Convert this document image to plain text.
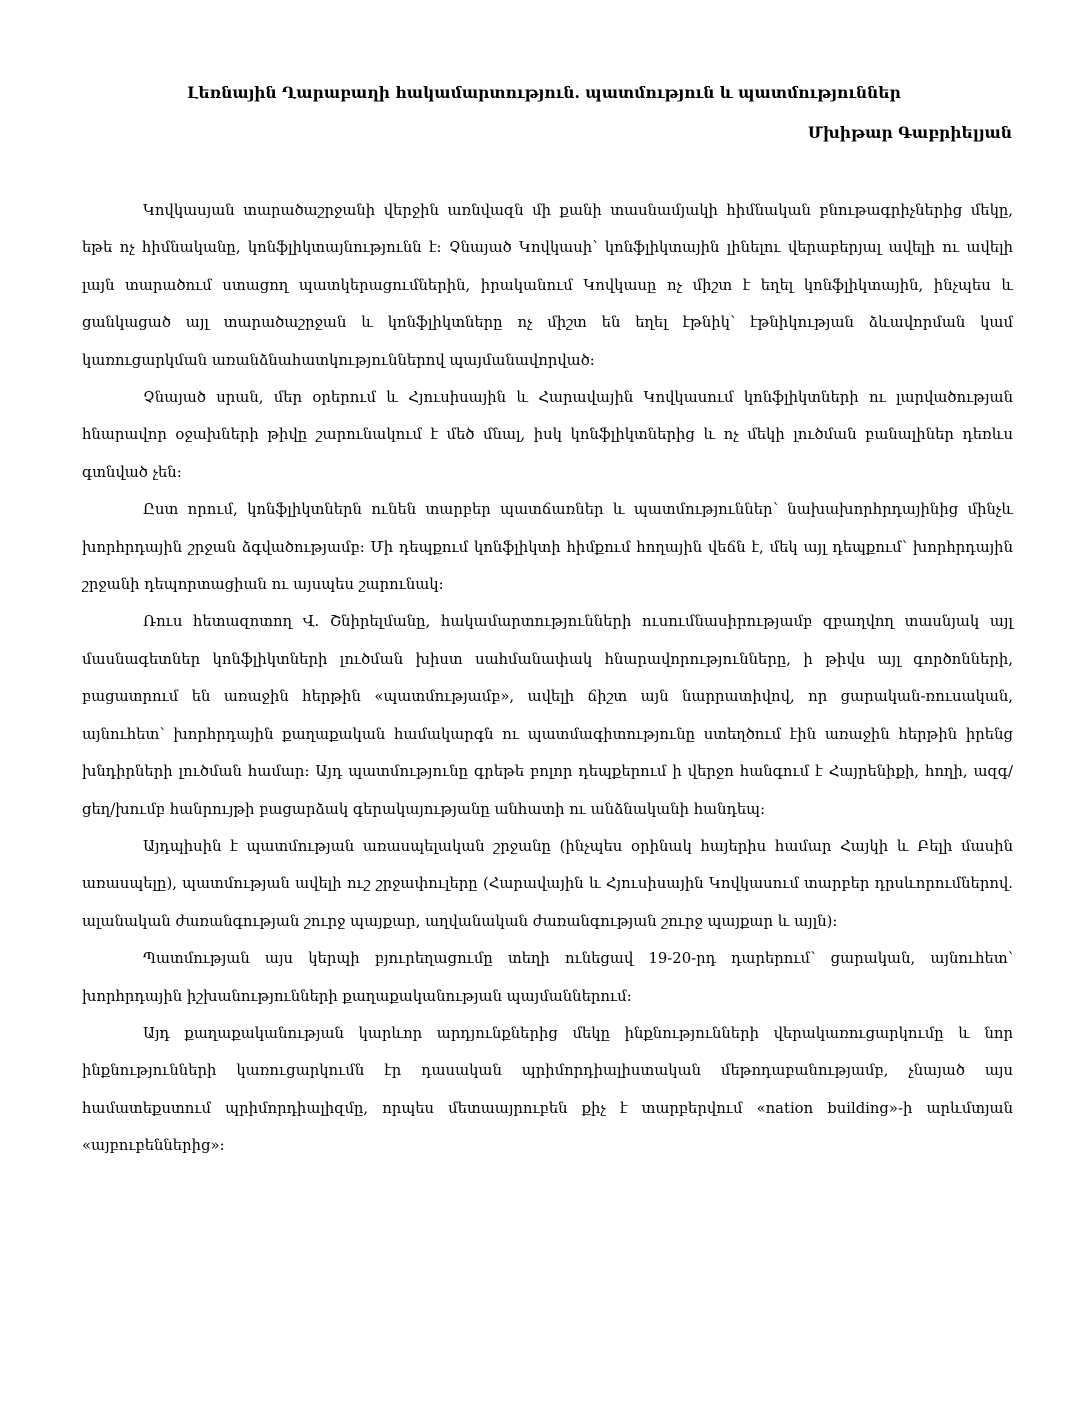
Լեռնային Ղարաբաղի հակամարտություն. պատմություն և պատմություններ
Մխիթար Գաբրիելյան

Կովկասյան տարածաշրջանի վերջին առնվազն մի քանի տասնամյակի հիմնական բնութագրիչներից մեկը, եթե ոչ հիմնականը, կոնֆլիկտայնությունն է: Չնայած Կովկասի՝ կոնֆլիկտային լինելու վերաբերյալ ավելի ու ավելի լայն տարածում ստացող պատկերացումներին, իրականում Կովկասը ոչ միշտ է եղել կոնֆլիկտային, ինչպես և ցանկացած այլ տարածաշրջան և կոնֆլիկտները ոչ միշտ են եղել էթնիկ՝ էթնիկության ձևավորման կամ կառուցարկման առանձնահատկություններով պայմանավորված:

Չնայած սրան, մեր օրերում և Հյուսիսային և Հարավային Կովկասում կոնֆլիկտների ու լարվածության հնարավոր օջախների թիվը շարունակում է մեծ մնալ, իսկ կոնֆլիկտներից և ոչ մեկի լուծման բանալիներ դեռևս գտնված չեն:

Ըստ որում, կոնֆլիկտներն ունեն տարբեր պատճառներ և պատմություններ՝ նախախորհրդայինից մինչև խորհրդային շրջան ձգվածությամբ: Մի դեպքում կոնֆլիկտի հիմքում հողային վեճն է, մեկ այլ դեպքում՝ խորհրդային շրջանի դեպորտացիան ու այսպես շարունակ:

Ռուս հետազոտող Վ. Շնիրելմանը, հակամարտությունների ուսումնասիրությամբ զբաղվող տասնյակ այլ մասնագետներ կոնֆլիկտների լուծման խիստ սահմանափակ հնարավորությունները, ի թիվս այլ գործոնների, բացատրում են առաջին հերթին «պատմությամբ», ավելի ճիշտ այն նարրատիվով, որ ցարական-ռուսական, այնուհետ՝ խորհրդային քաղաքական համակարգն ու պատմագիտությունը ստեղծում էին առաջին հերթին իրենց խնդիրների լուծման համար: Այդ պատմությունը գրեթե բոլոր դեպքերում ի վերջո հանգում է Հայրենիքի, հողի, ազգ/ցեղ/խումբ հանրույթի բացարձակ գերակայությանը անհատի ու անձնականի հանդեպ:

Այդպիսին է պատմության առասպելական շրջանը (ինչպես օրինակ հայերիս համար Հայկի և Բելի մասին առասպելը), պատմության ավելի ուշ շրջափուլերը (Հարավային և Հյուսիսային Կովկասում տարբեր դրսևորումներով. ալանական ժառանգության շուրջ պայքար, աղվանական ժառանգության շուրջ պայքար և այլն):

Պատմության այս կերպի բյուրեղացումը տեղի ունեցավ 19-20-րդ դարերում՝ ցարական, այնուհետ՝ խորհրդային իշխանությունների քաղաքականության պայմաններում:

Այդ քաղաքականության կարևոր արդյունքներից մեկը ինքնությունների վերակառուցարկումը և նոր ինքնությունների կառուցարկումն էր դասական պրիմորդիալիստական մեթոդաբանությամբ, չնայած այս համատեքստում պրիմորդիալիզմը, որպես մետաայրուբեն քիչ է տարբերվում «nation building»-ի արևմտյան «այբուբեններից»:
